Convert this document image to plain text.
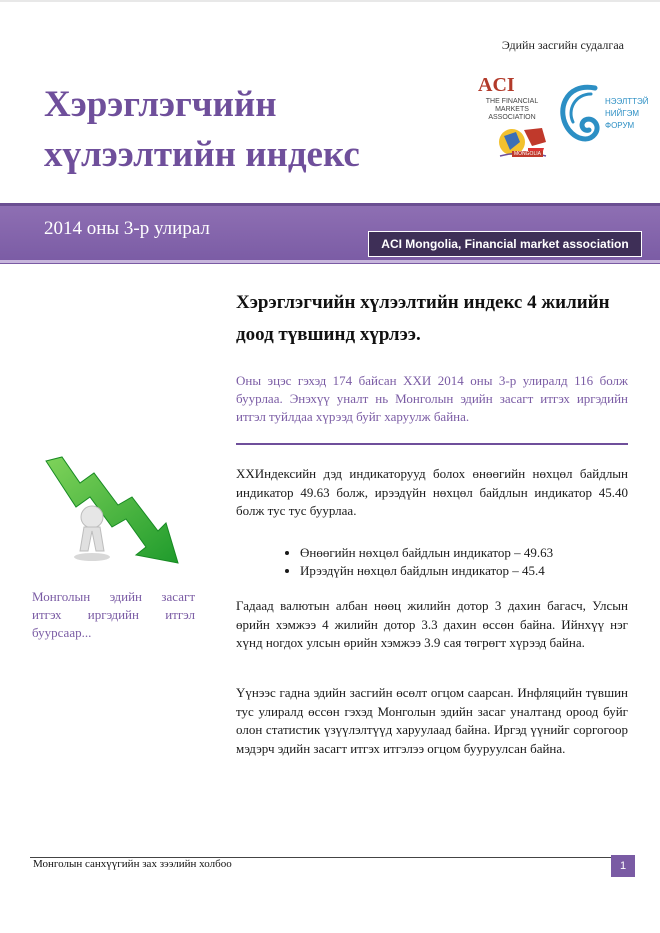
Эдийн засгийн судалгаа
Хэрэглэгчийн
хүлээлтийн индекс
ACI
THE FINANCIAL MARKETS ASSOCIATION
MONGOLIA
НЭЭЛТТЭЙ
НИЙГЭМ
ФОРУМ
2014 оны 3-р улирал
ACI Mongolia, Financial market association
Хэрэглэгчийн хүлээлтийн индекс 4 жилийн доод түвшинд хүрлээ.
Оны эцэс гэхэд 174 байсан ХХИ 2014 оны 3-р улиралд 116 болж буурлаа. Энэхүү уналт нь Монголын эдийн засагт итгэх иргэдийн итгэл туйлдаа хүрээд буйг харуулж байна.
ХХИндексийн дэд индикаторууд болох өнөөгийн нөхцөл байдлын индикатор 49.63 болж, ирээдүйн нөхцөл байдлын индикатор 45.40 болж тус тус буурлаа.
• Өнөөгийн нөхцөл байдлын индикатор – 49.63
• Ирээдүйн нөхцөл байдлын индикатор – 45.4
Гадаад валютын албан нөөц жилийн дотор 3 дахин багасч, Улсын өрийн хэмжээ 4 жилийн дотор 3.3 дахин өссөн байна. Ийнхүү нэг хүнд ногдох улсын өрийн хэмжээ 3.9 сая төгрөгт хүрээд байна.
Үүнээс гадна эдийн засгийн өсөлт огцом саарсан. Инфляцийн түвшин тус улиралд өссөн гэхэд Монголын эдийн засаг уналтанд ороод буйг олон статистик үзүүлэлтүүд харуулаад байна. Иргэд үүнийг соргогоор мэдэрч эдийн засагт итгэх итгэлээ огцом бууруулсан байна.
Монголын эдийн засагт итгэх иргэдийн итгэл буурсаар...
Монголын санхүүгийн зах зээлийн холбоо	1
